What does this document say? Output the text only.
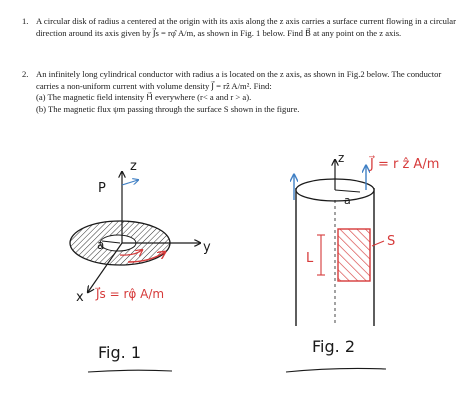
1. A circular disk of radius a centered at the origin with its axis along the z axis carries a surface current flowing in a circular direction around its axis given by J⃗s = rφ̂ A/m, as shown in Fig. 1 below. Find B⃗ at any point on the z axis.
2. An infinitely long cylindrical conductor with radius a is located on the z axis, as shown in Fig.2 below. The conductor carries a non-uniform current with volume density J⃗ = rẑ A/m². Find:
(a) The magnetic field intensity H⃗ everywhere (r< a and r > a).
(b) The magnetic flux ψm passing through the surface S shown in the figure.
z
P
a	y
x J⃗s = rφ̂ A/m
Fig. 1
z J⃗ = r ẑ A/m
a
L
S
Fig. 2
